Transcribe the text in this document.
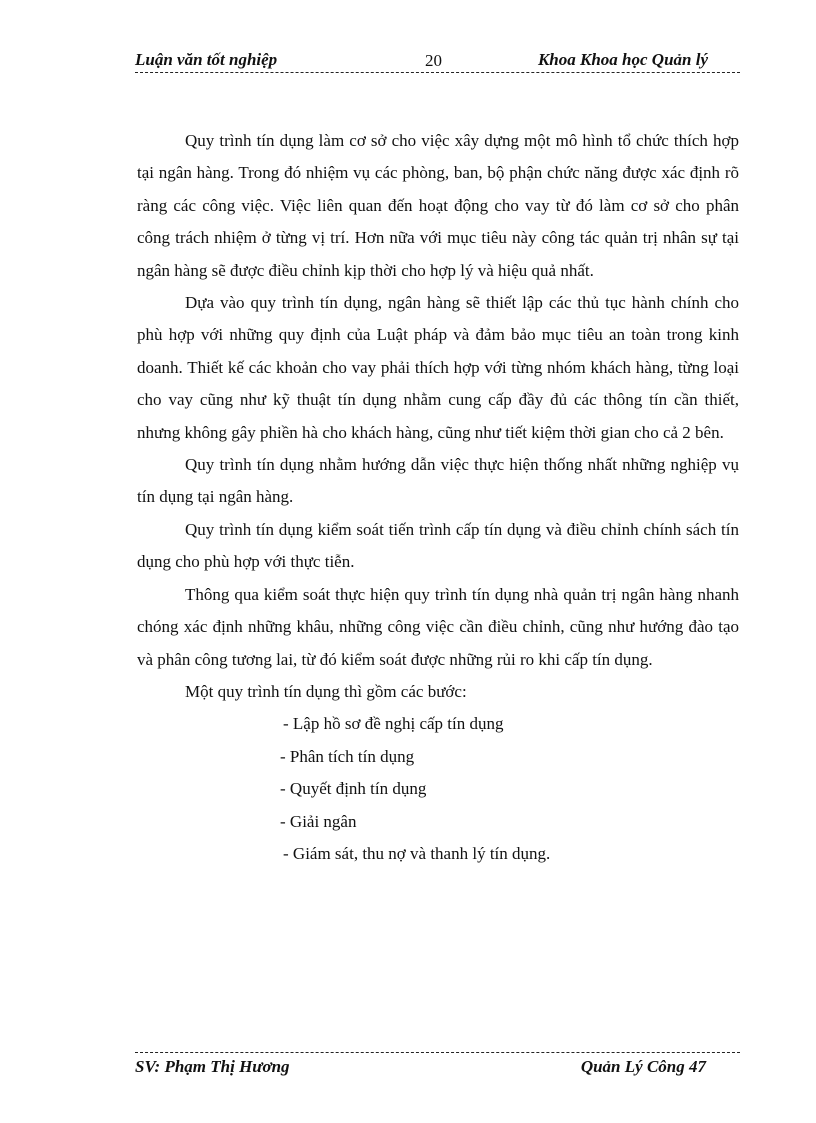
Luận văn tốt nghiệp	20	Khoa Khoa học Quản lý

Quy trình tín dụng làm cơ sở cho việc xây dựng một mô hình tổ chức thích hợp tại ngân hàng. Trong đó nhiệm vụ các phòng, ban, bộ phận chức năng được xác định rõ ràng các công việc. Việc liên quan đến hoạt động cho vay từ đó làm cơ sở cho phân công trách nhiệm ở từng vị trí. Hơn nữa với mục tiêu này công tác quản trị nhân sự tại ngân hàng sẽ được điều chỉnh kịp thời cho hợp lý và hiệu quả nhất.

Dựa vào quy trình tín dụng, ngân hàng sẽ thiết lập các thủ tục hành chính cho phù hợp với những quy định của Luật pháp và đảm bảo mục tiêu an toàn trong kinh doanh. Thiết kế các khoản cho vay phải thích hợp với từng nhóm khách hàng, từng loại cho vay cũng như kỹ thuật tín dụng nhằm cung cấp đầy đủ các thông tín cần thiết, nhưng không gây phiền hà cho khách hàng, cũng như tiết kiệm thời gian cho cả 2 bên.

Quy trình tín dụng nhằm hướng dẫn việc thực hiện thống nhất những nghiệp vụ tín dụng tại ngân hàng.

Quy trình tín dụng kiểm soát tiến trình cấp tín dụng và điều chỉnh chính sách tín dụng cho phù hợp với thực tiễn.

Thông qua kiểm soát thực hiện quy trình tín dụng nhà quản trị ngân hàng nhanh chóng xác định những khâu, những công việc cần điều chỉnh, cũng như hướng đào tạo và phân công tương lai, từ đó kiểm soát được những rủi ro khi cấp tín dụng.

Một quy trình tín dụng thì gồm các bước:

- Lập hồ sơ đề nghị cấp tín dụng
- Phân tích tín dụng
- Quyết định tín dụng
- Giải ngân
- Giám sát, thu nợ và thanh lý tín dụng.
SV: Phạm Thị Hương	Quản Lý Công 47
